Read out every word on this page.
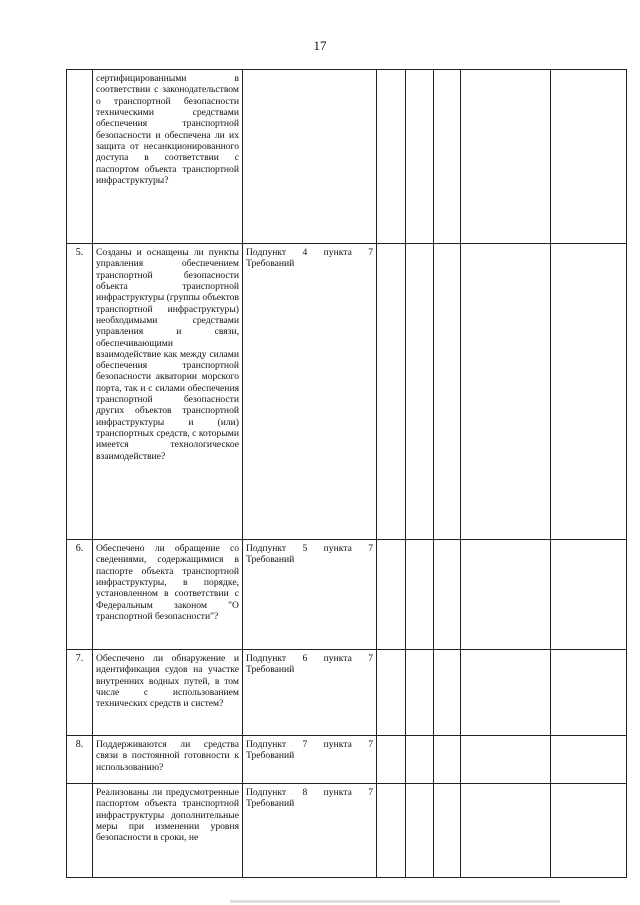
17
	сертифицированными в соответствии с законодательством о транспортной безопасности техническими средствами обеспечения транспортной безопасности и обеспечена ли их защита от несанкционированного доступа в соответствии с паспортом объекта транспортной инфраструктуры?						
5.	Созданы и оснащены ли пункты управления обеспечением транспортной безопасности объекта транспортной инфраструктуры (группы объектов транспортной инфраструктуры) необходимыми средствами управления и связи, обеспечивающими взаимодействие как между силами обеспечения транспортной безопасности акватории морского порта, так и с силами обеспечения транспортной безопасности других объектов транспортной инфраструктуры и (или) транспортных средств, с которыми имеется технологическое взаимодействие?	Подпункт 4 пункта 7 Требований					
6.	Обеспечено ли обращение со сведениями, содержащимися в паспорте объекта транспортной инфраструктуры, в порядке, установленном в соответствии с Федеральным законом "О транспортной безопасности"?	Подпункт 5 пункта 7 Требований					
7.	Обеспечено ли обнаружение и идентификация судов на участке внутренних водных путей, в том числе с использованием технических средств и систем?	Подпункт 6 пункта 7 Требований					
8.	Поддерживаются ли средства связи в постоянной готовности к использованию?	Подпункт 7 пункта 7 Требований					
	Реализованы ли предусмотренные паспортом объекта транспортной инфраструктуры дополнительные меры при изменении уровня безопасности в сроки, не	Подпункт 8 пункта 7 Требований					
